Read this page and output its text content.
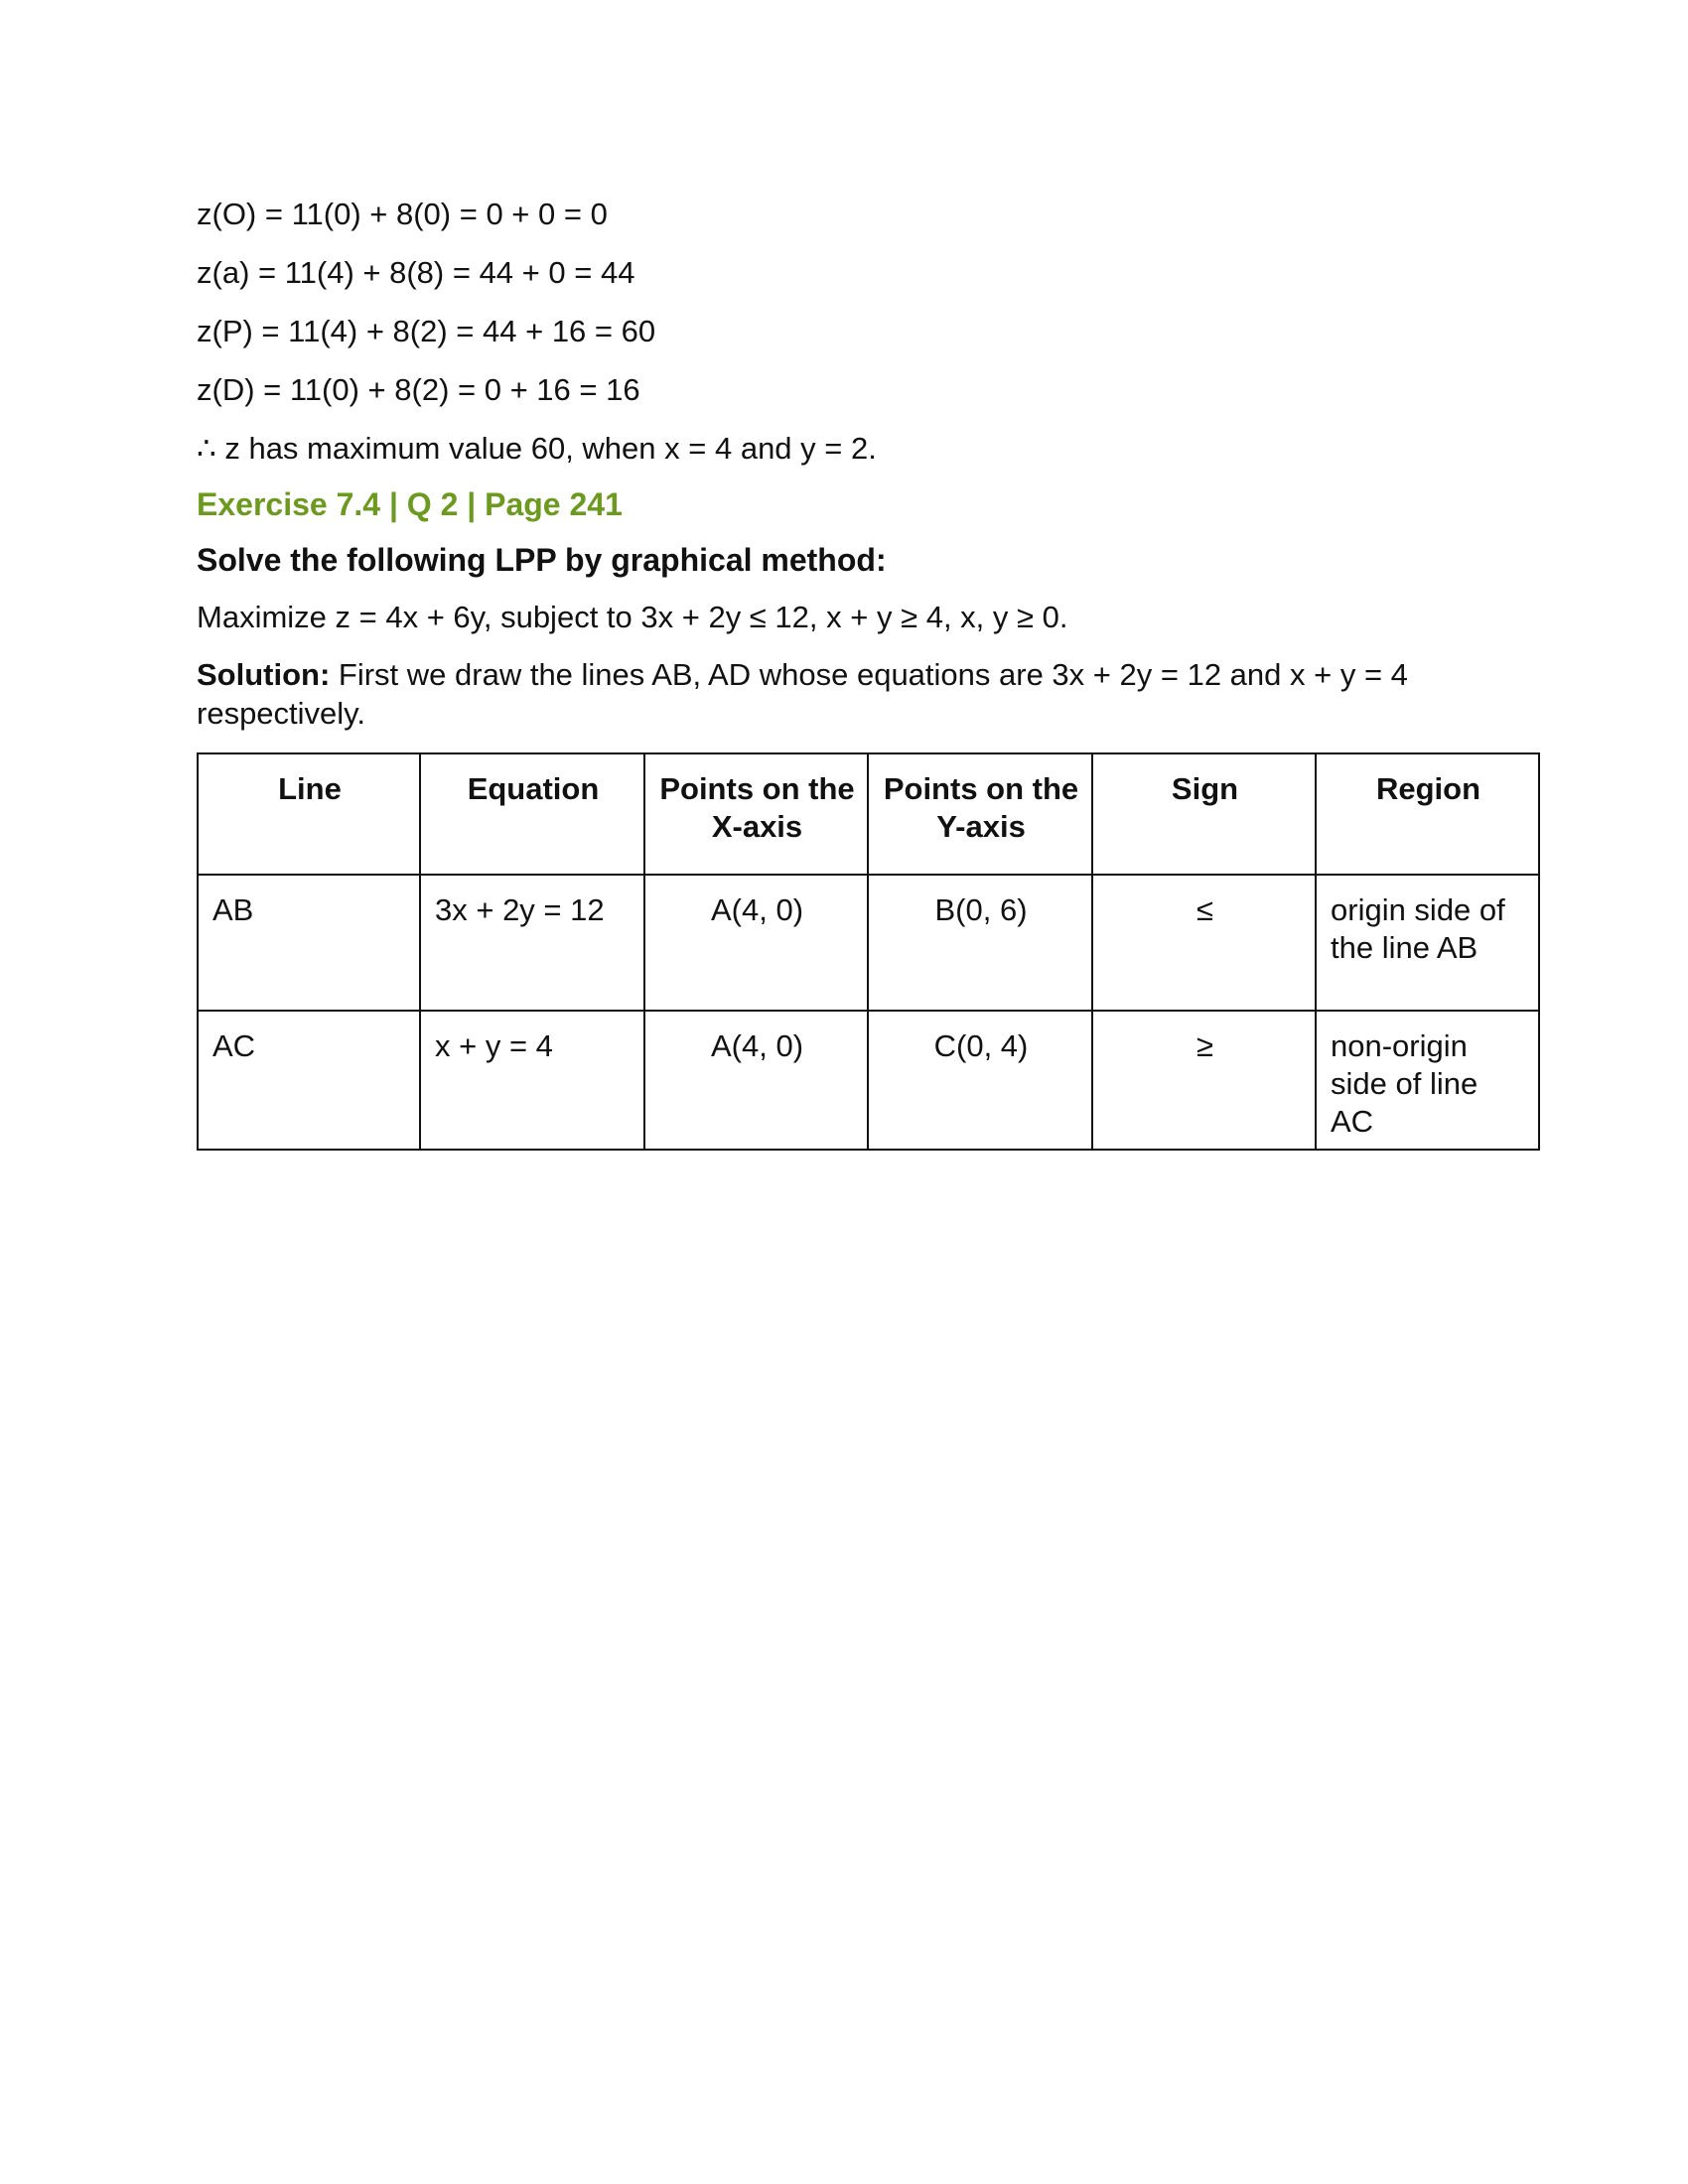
z(O) = 11(0) + 8(0) = 0 + 0 = 0
z(a) = 11(4) + 8(8) = 44 + 0 = 44
z(P) = 11(4) + 8(2) = 44 + 16 = 60
z(D) = 11(0) + 8(2) = 0 + 16 = 16
∴ z has maximum value 60, when x = 4 and y = 2.
Exercise 7.4 | Q 2 | Page 241
Solve the following LPP by graphical method:
Maximize z = 4x + 6y, subject to 3x + 2y ≤ 12, x + y ≥ 4, x, y ≥ 0.
Solution: First we draw the lines AB, AD whose equations are 3x + 2y = 12 and x + y = 4 respectively.
Line	Equation	Points on the X-axis	Points on the Y-axis	Sign	Region
AB	3x + 2y = 12	A(4, 0)	B(0, 6)	≤	origin side of the line AB
AC	x + y = 4	A(4, 0)	C(0, 4)	≥	non-origin side of line AC
